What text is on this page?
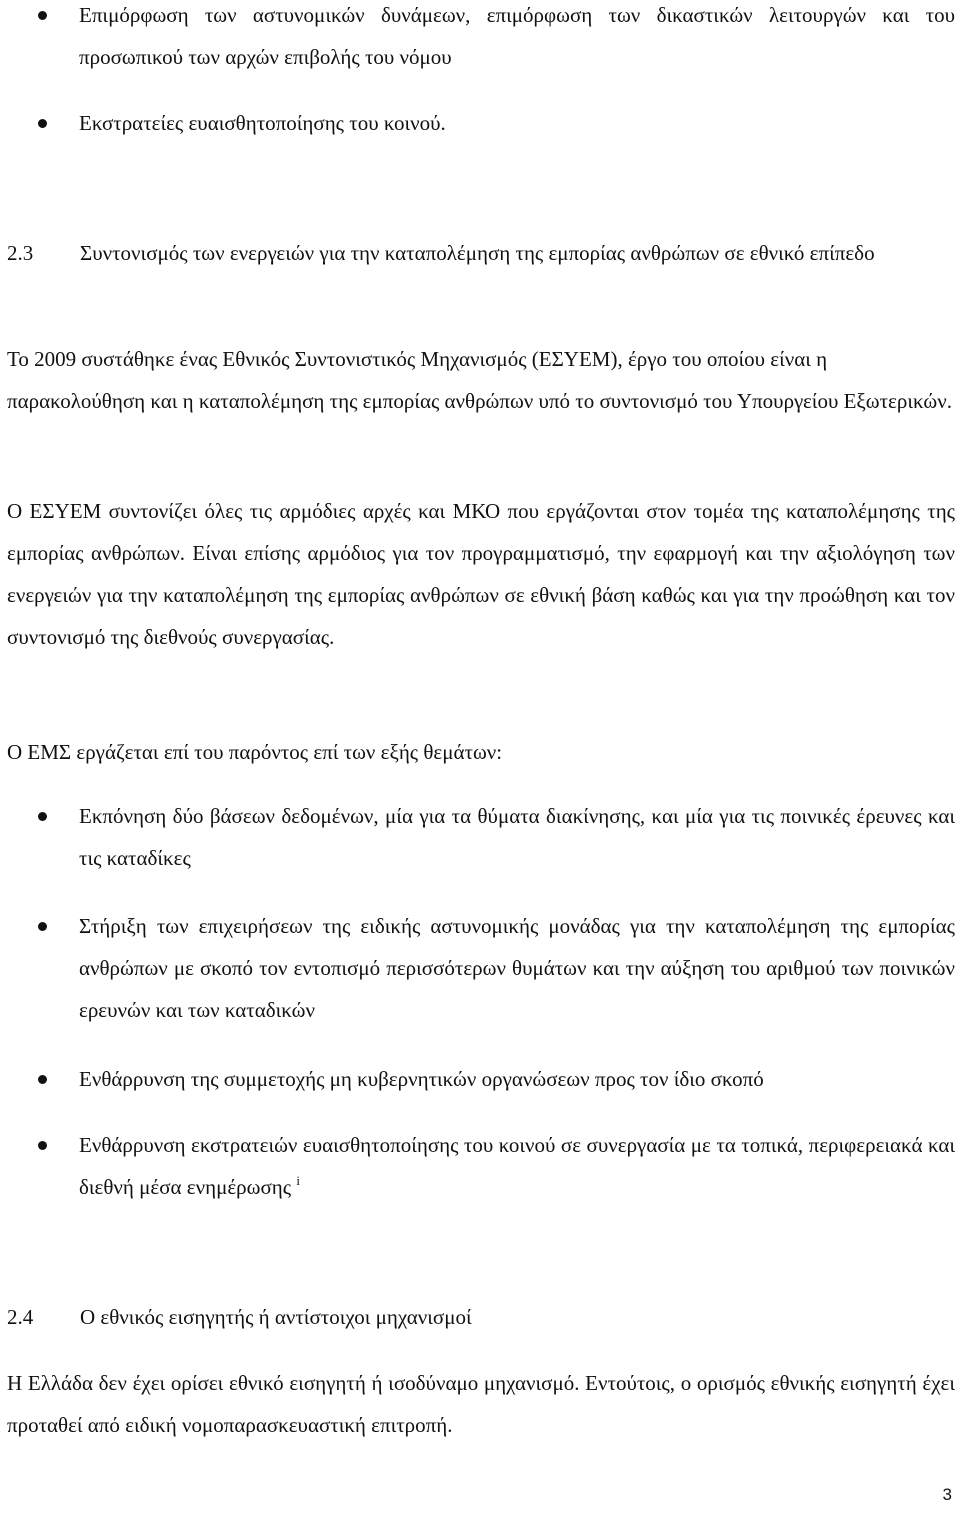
Επιμόρφωση των αστυνομικών δυνάμεων, επιμόρφωση των δικαστικών λειτουργών και του προσωπικού των αρχών επιβολής του νόμου
Εκστρατείες ευαισθητοποίησης του κοινού.

2.3 Συντονισμός των ενεργειών για την καταπολέμηση της εμπορίας ανθρώπων σε εθνικό επίπεδο

Το 2009 συστάθηκε ένας Εθνικός Συντονιστικός Μηχανισμός (ΕΣΥΕΜ), έργο του οποίου είναι η παρακολούθηση και η καταπολέμηση της εμπορίας ανθρώπων υπό το συντονισμό του Υπουργείου Εξωτερικών.

Ο ΕΣΥΕΜ συντονίζει όλες τις αρμόδιες αρχές και ΜΚΟ που εργάζονται στον τομέα της καταπολέμησης της εμπορίας ανθρώπων. Είναι επίσης αρμόδιος για τον προγραμματισμό, την εφαρμογή και την αξιολόγηση των ενεργειών για την καταπολέμηση της εμπορίας ανθρώπων σε εθνική βάση καθώς και για την προώθηση και τον συντονισμό της διεθνούς συνεργασίας.

Ο ΕΜΣ εργάζεται επί του παρόντος επί των εξής θεμάτων:

Εκπόνηση δύο βάσεων δεδομένων, μία για τα θύματα διακίνησης, και μία για τις ποινικές έρευνες και τις καταδίκες
Στήριξη των επιχειρήσεων της ειδικής αστυνομικής μονάδας για την καταπολέμηση της εμπορίας ανθρώπων με σκοπό τον εντοπισμό περισσότερων θυμάτων και την αύξηση του αριθμού των ποινικών ερευνών και των καταδικών
Ενθάρρυνση της συμμετοχής μη κυβερνητικών οργανώσεων προς τον ίδιο σκοπό
Ενθάρρυνση εκστρατειών ευαισθητοποίησης του κοινού σε συνεργασία με τα τοπικά, περιφερειακά και διεθνή μέσα ενημέρωσης $^i$

2.4 Ο εθνικός εισηγητής ή αντίστοιχοι μηχανισμοί

Η Ελλάδα δεν έχει ορίσει εθνικό εισηγητή ή ισοδύναμο μηχανισμό. Εντούτοις, ο ορισμός εθνικής εισηγητή έχει προταθεί από ειδική νομοπαρασκευαστική επιτροπή.

3
